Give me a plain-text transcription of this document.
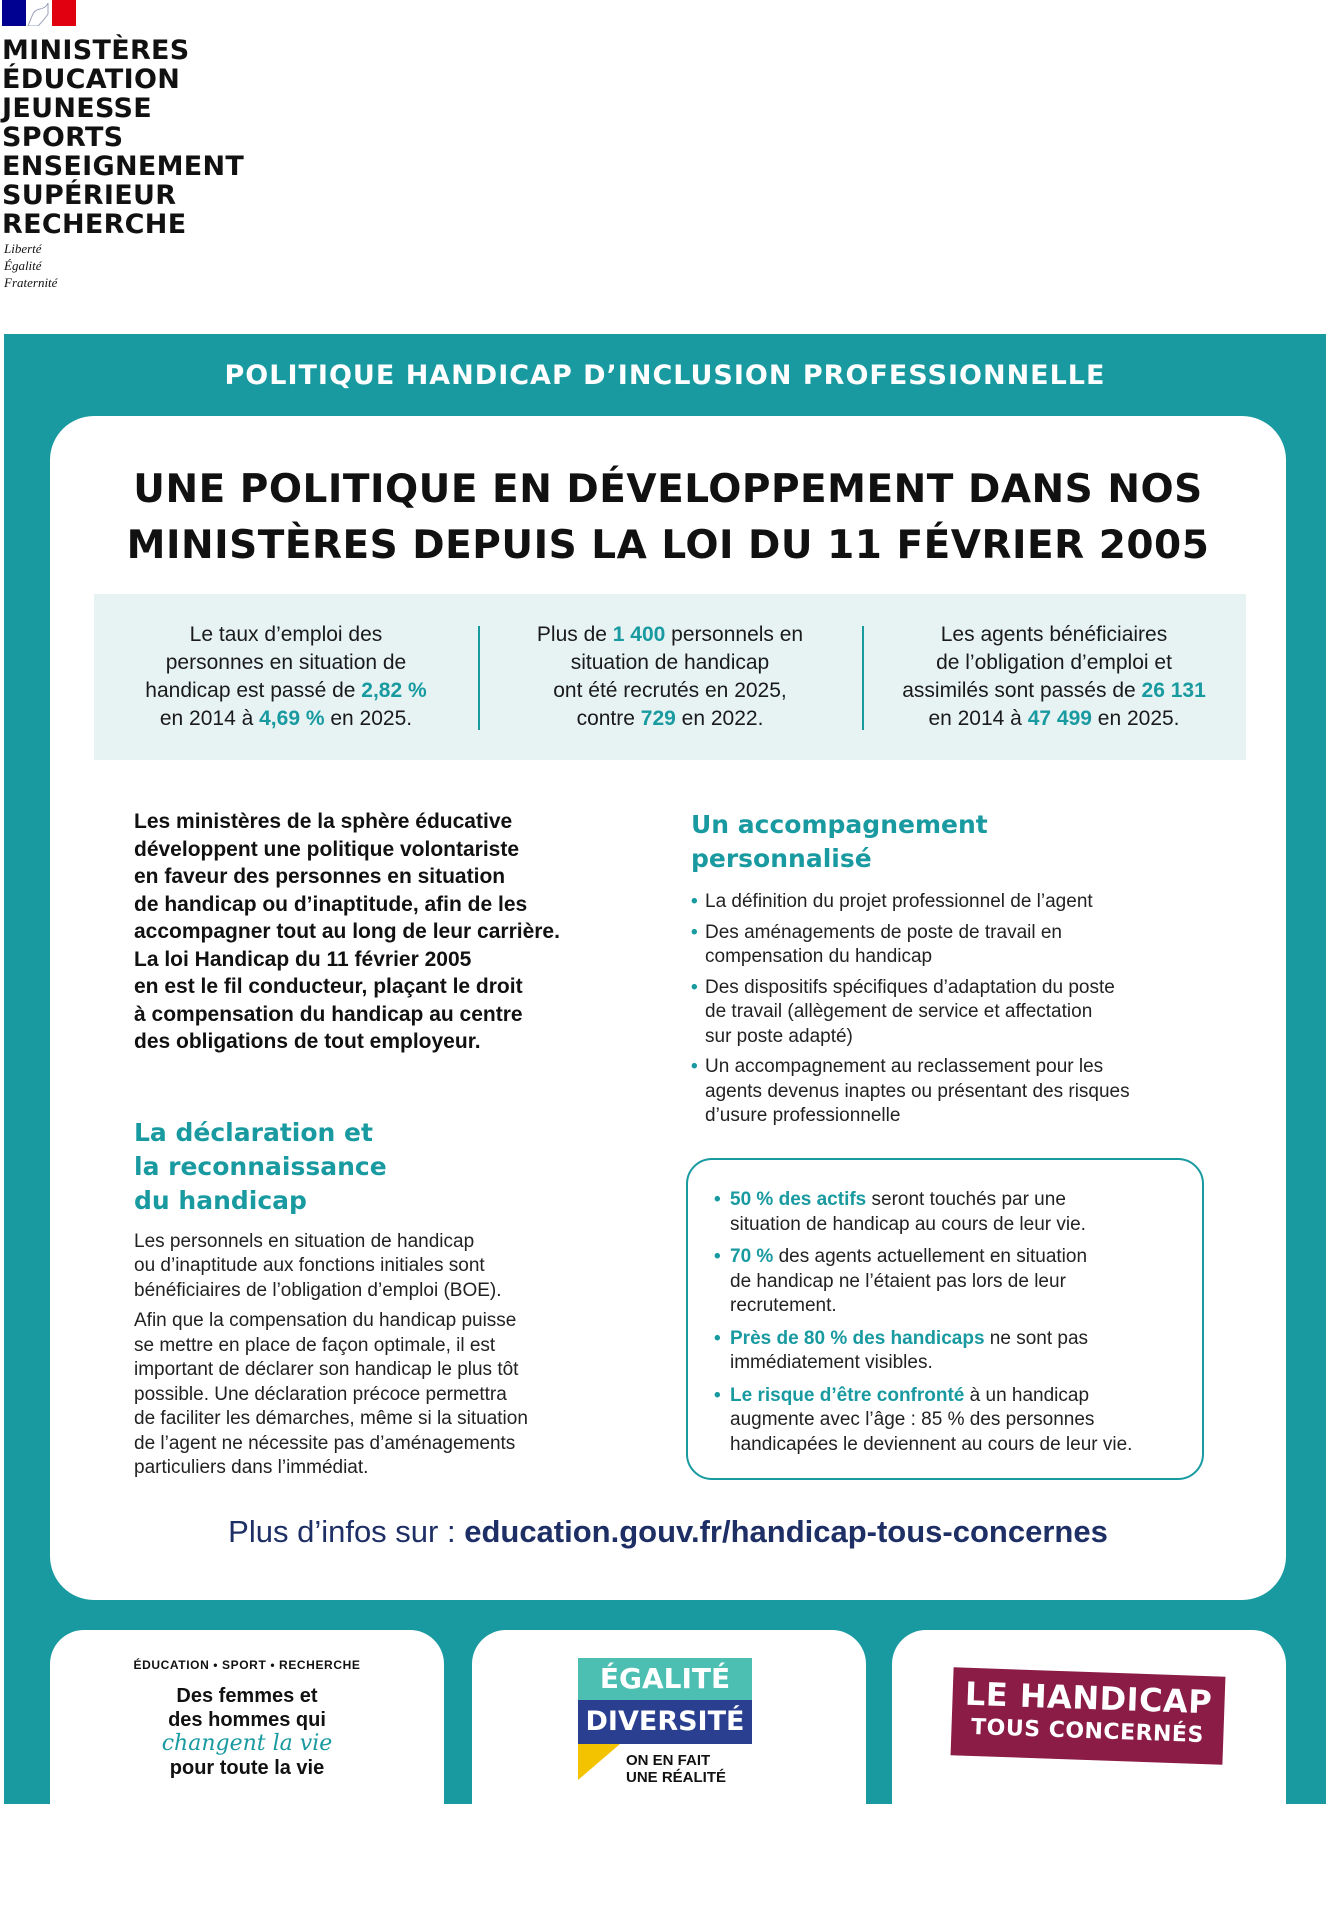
MINISTÈRES
ÉDUCATION
JEUNESSE
SPORTS
ENSEIGNEMENT
SUPÉRIEUR
RECHERCHE
Liberté
Égalité
Fraternité
POLITIQUE HANDICAP D’INCLUSION PROFESSIONNELLE
UNE POLITIQUE EN DÉVELOPPEMENT DANS NOS
MINISTÈRES DEPUIS LA LOI DU 11 FÉVRIER 2005
Le taux d’emploi des
personnes en situation de
handicap est passé de 2,82 %
en 2014 à 4,69 % en 2025.
Plus de 1 400 personnels en
situation de handicap
ont été recrutés en 2025,
contre 729 en 2022.
Les agents bénéficiaires
de l’obligation d’emploi et
assimilés sont passés de 26 131
en 2014 à 47 499 en 2025.
Les ministères de la sphère éducative
développent une politique volontariste
en faveur des personnes en situation
de handicap ou d’inaptitude, afin de les
accompagner tout au long de leur carrière.
La loi Handicap du 11 février 2005
en est le fil conducteur, plaçant le droit
à compensation du handicap au centre
des obligations de tout employeur.
La déclaration et
la reconnaissance
du handicap

Les personnels en situation de handicap
ou d’inaptitude aux fonctions initiales sont
bénéficiaires de l’obligation d’emploi (BOE).

Afin que la compensation du handicap puisse
se mettre en place de façon optimale, il est
important de déclarer son handicap le plus tôt
possible. Une déclaration précoce permettra
de faciliter les démarches, même si la situation
de l’agent ne nécessite pas d’aménagements
particuliers dans l’immédiat.

Un accompagnement
personnalisé
• La définition du projet professionnel de l’agent
• Des aménagements de poste de travail en
compensation du handicap
• Des dispositifs spécifiques d’adaptation du poste
de travail (allègement de service et affectation
sur poste adapté)
• Un accompagnement au reclassement pour les
agents devenus inaptes ou présentant des risques
d’usure professionnelle
• 50 % des actifs seront touchés par une
situation de handicap au cours de leur vie.
• 70 % des agents actuellement en situation
de handicap ne l’étaient pas lors de leur
recrutement.
• Près de 80 % des handicaps ne sont pas
immédiatement visibles.
• Le risque d’être confronté à un handicap
augmente avec l’âge : 85 % des personnes
handicapées le deviennent au cours de leur vie.
Plus d’infos sur : education.gouv.fr/handicap-tous-concernes
ÉDUCATION • SPORT • RECHERCHE
Des femmes et
des hommes qui
changent la vie
pour toute la vie
ÉGALITÉ
DIVERSITÉ
ON EN FAIT
UNE RÉALITÉ
LE HANDICAP
TOUS CONCERNÉS
